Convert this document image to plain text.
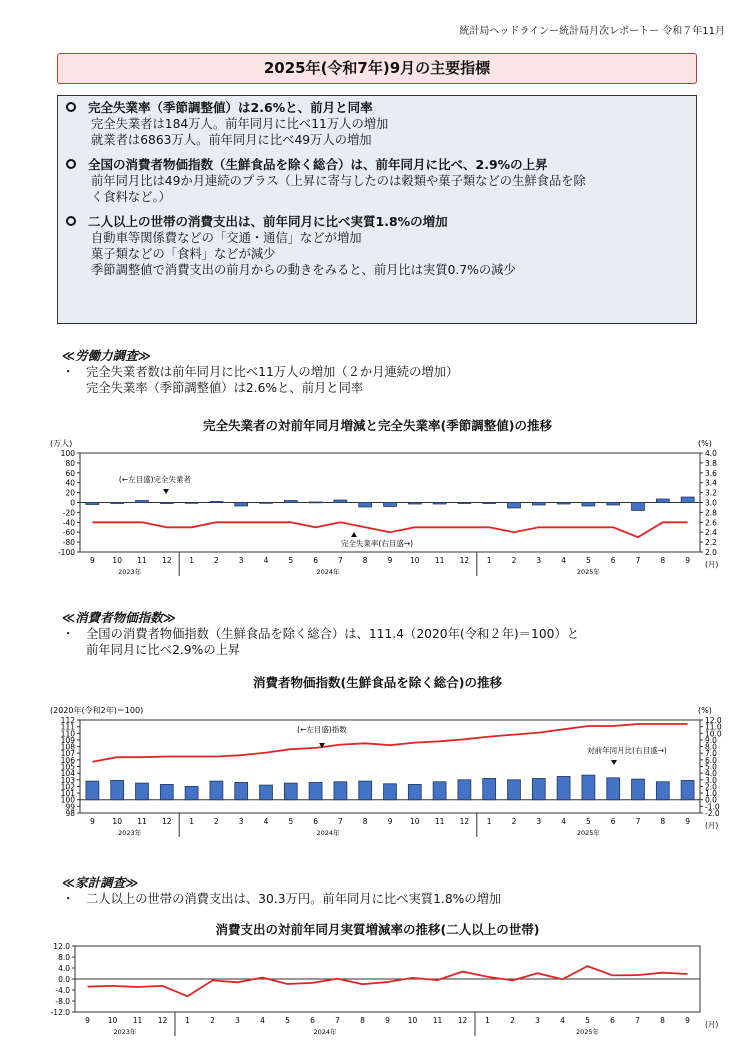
統計局ヘッドラインー統計局月次レポートー 令和７年11月
2025年(令和7年)9月の主要指標
完全失業率（季節調整値）は2.6%と、前月と同率
完全失業者は184万人。前年同月に比べ11万人の増加
就業者は6863万人。前年同月に比べ49万人の増加
全国の消費者物価指数（生鮮食品を除く総合）は、前年同月に比べ、2.9%の上昇
前年同月比は49か月連続のプラス（上昇に寄与したのは穀類や菓子類などの生鮮食品を除
く食料など。）
二人以上の世帯の消費支出は、前年同月に比べ実質1.8%の増加
自動車等関係費などの「交通・通信」などが増加
菓子類などの「食料」などが減少
季節調整値で消費支出の前月からの動きをみると、前月比は実質0.7%の減少
≪労働力調査≫
・ 完全失業者数は前年同月に比べ11万人の増加（２か月連続の増加）
完全失業率（季節調整値）は2.6%と、前月と同率
完全失業者の対前年同月増減と完全失業率(季節調整値)の推移
100
80
60
40
20
0
-20
-40
-60
-80
-100
4.0
3.8
3.6
3.4
3.2
3.0
2.8
2.6
2.4
2.2
2.0
(万人)	(%)
9 10 11 12 1	2	3	4	5	6	7	8	9 10 11 12 1	2	3	4	5	6	7	8	9 (月)
2023年	2024年	2025年
(←左目盛)完全失業者
完全失業率(右目盛→)
≪消費者物価指数≫
・ 全国の消費者物価指数（生鮮食品を除く総合）は、111.4（2020年(令和２年)＝100）と
前年同月に比べ2.9%の上昇
消費者物価指数(生鮮食品を除く総合)の推移
112
111
110
109
108
107
106
105
104
103
102
101
100
99
98
12.0
11.0
10.0
9.0
8.0
7.0
6.0
5.0
4.0
3.0
2.0
1.0
0.0
-1.0
-2.0
(2020年(令和2年)＝100)	(%)
9 10 11 12 1	2	3	4	5	6	7	8	9 10 11 12 1	2	3	4	5	6	7	8	9 (月)
2023年	2024年	2025年
(←左目盛)指数
対前年同月比(右目盛→)
≪家計調査≫
・ 二人以上の世帯の消費支出は、30.3万円。前年同月に比べ実質1.8%の増加
消費支出の対前年同月実質増減率の推移(二人以上の世帯)
12.0
8.0
4.0
0.0
-4.0
-8.0
-12.0
9 10 11 12 1	2	3	4	5	6	7	8	9 10 11 12 1	2	3	4	5	6	7	8	9 (月)
2023年	2024年	2025年
